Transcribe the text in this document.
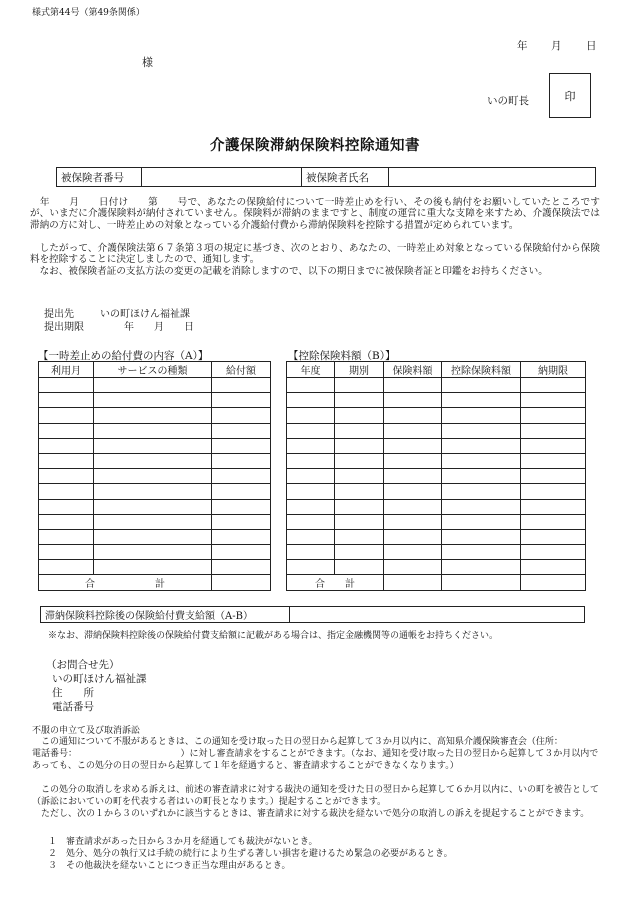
様式第44号（第49条関係）
年 月 日
様
いの町長	印
介護保険滞納保険料控除通知書
被保険者番号		被保険者氏名	
　年　　月　　日付け　　第　　号で、あなたの保険給付について一時差止めを行い、その後も納付をお願いしていたところですが、いまだに介護保険料が納付されていません。保険料が滞納のままですと、制度の運営に重大な支障を来すため、介護保険法では滞納の方に対し、一時差止めの対象となっている介護給付費から滞納保険料を控除する措置が定められています。
　したがって、介護保険法第６７条第３項の規定に基づき、次のとおり、あなたの、一時差止め対象となっている保険給付から保険料を控除することに決定しましたので、通知します。
　なお、被保険者証の支払方法の変更の記載を消除しますので、以下の期日までに被保険者証と印鑑をお持ちください。
提出先	いの町ほけん福祉課
提出期限	年　　月　　日
【一時差止めの給付費の内容（A）】
利用月	サービスの種類	給付額

合　　　　　　計		
【控除保険料額（B）】
年度	期別	保険料額	控除保険料額	納期限

合　　計				
滞納保険料控除後の保険給付費支給額（A-B）	
※なお、滞納保険料控除後の保険給付費支給額に記載がある場合は、指定金融機関等の通帳をお持ちください。
（お問合せ先）
いの町ほけん福祉課
住　　所
電話番号
不服の申立て及び取消訴訟
　この通知について不服があるときは、この通知を受け取った日の翌日から起算して３か月以内に、高知県介護保険審査会（住所：　　　　　　　　電話番号：　　　　　　　　　　　　）に対し審査請求をすることができます。（なお、通知を受け取った日の翌日から起算して３か月以内であっても、この処分の日の翌日から起算して１年を経過すると、審査請求することができなくなります。）
　この処分の取消しを求める訴えは、前述の審査請求に対する裁決の通知を受けた日の翌日から起算して６か月以内に、いの町を被告として（訴訟においていの町を代表する者はいの町長となります。）提起することができます。
　ただし、次の１から３のいずれかに該当するときは、審査請求に対する裁決を経ないで処分の取消しの訴えを提起することができます。
１　審査請求があった日から３か月を経過しても裁決がないとき。
２　処分、処分の執行又は手続の続行により生ずる著しい損害を避けるため緊急の必要があるとき。
３　その他裁決を経ないことにつき正当な理由があるとき。
